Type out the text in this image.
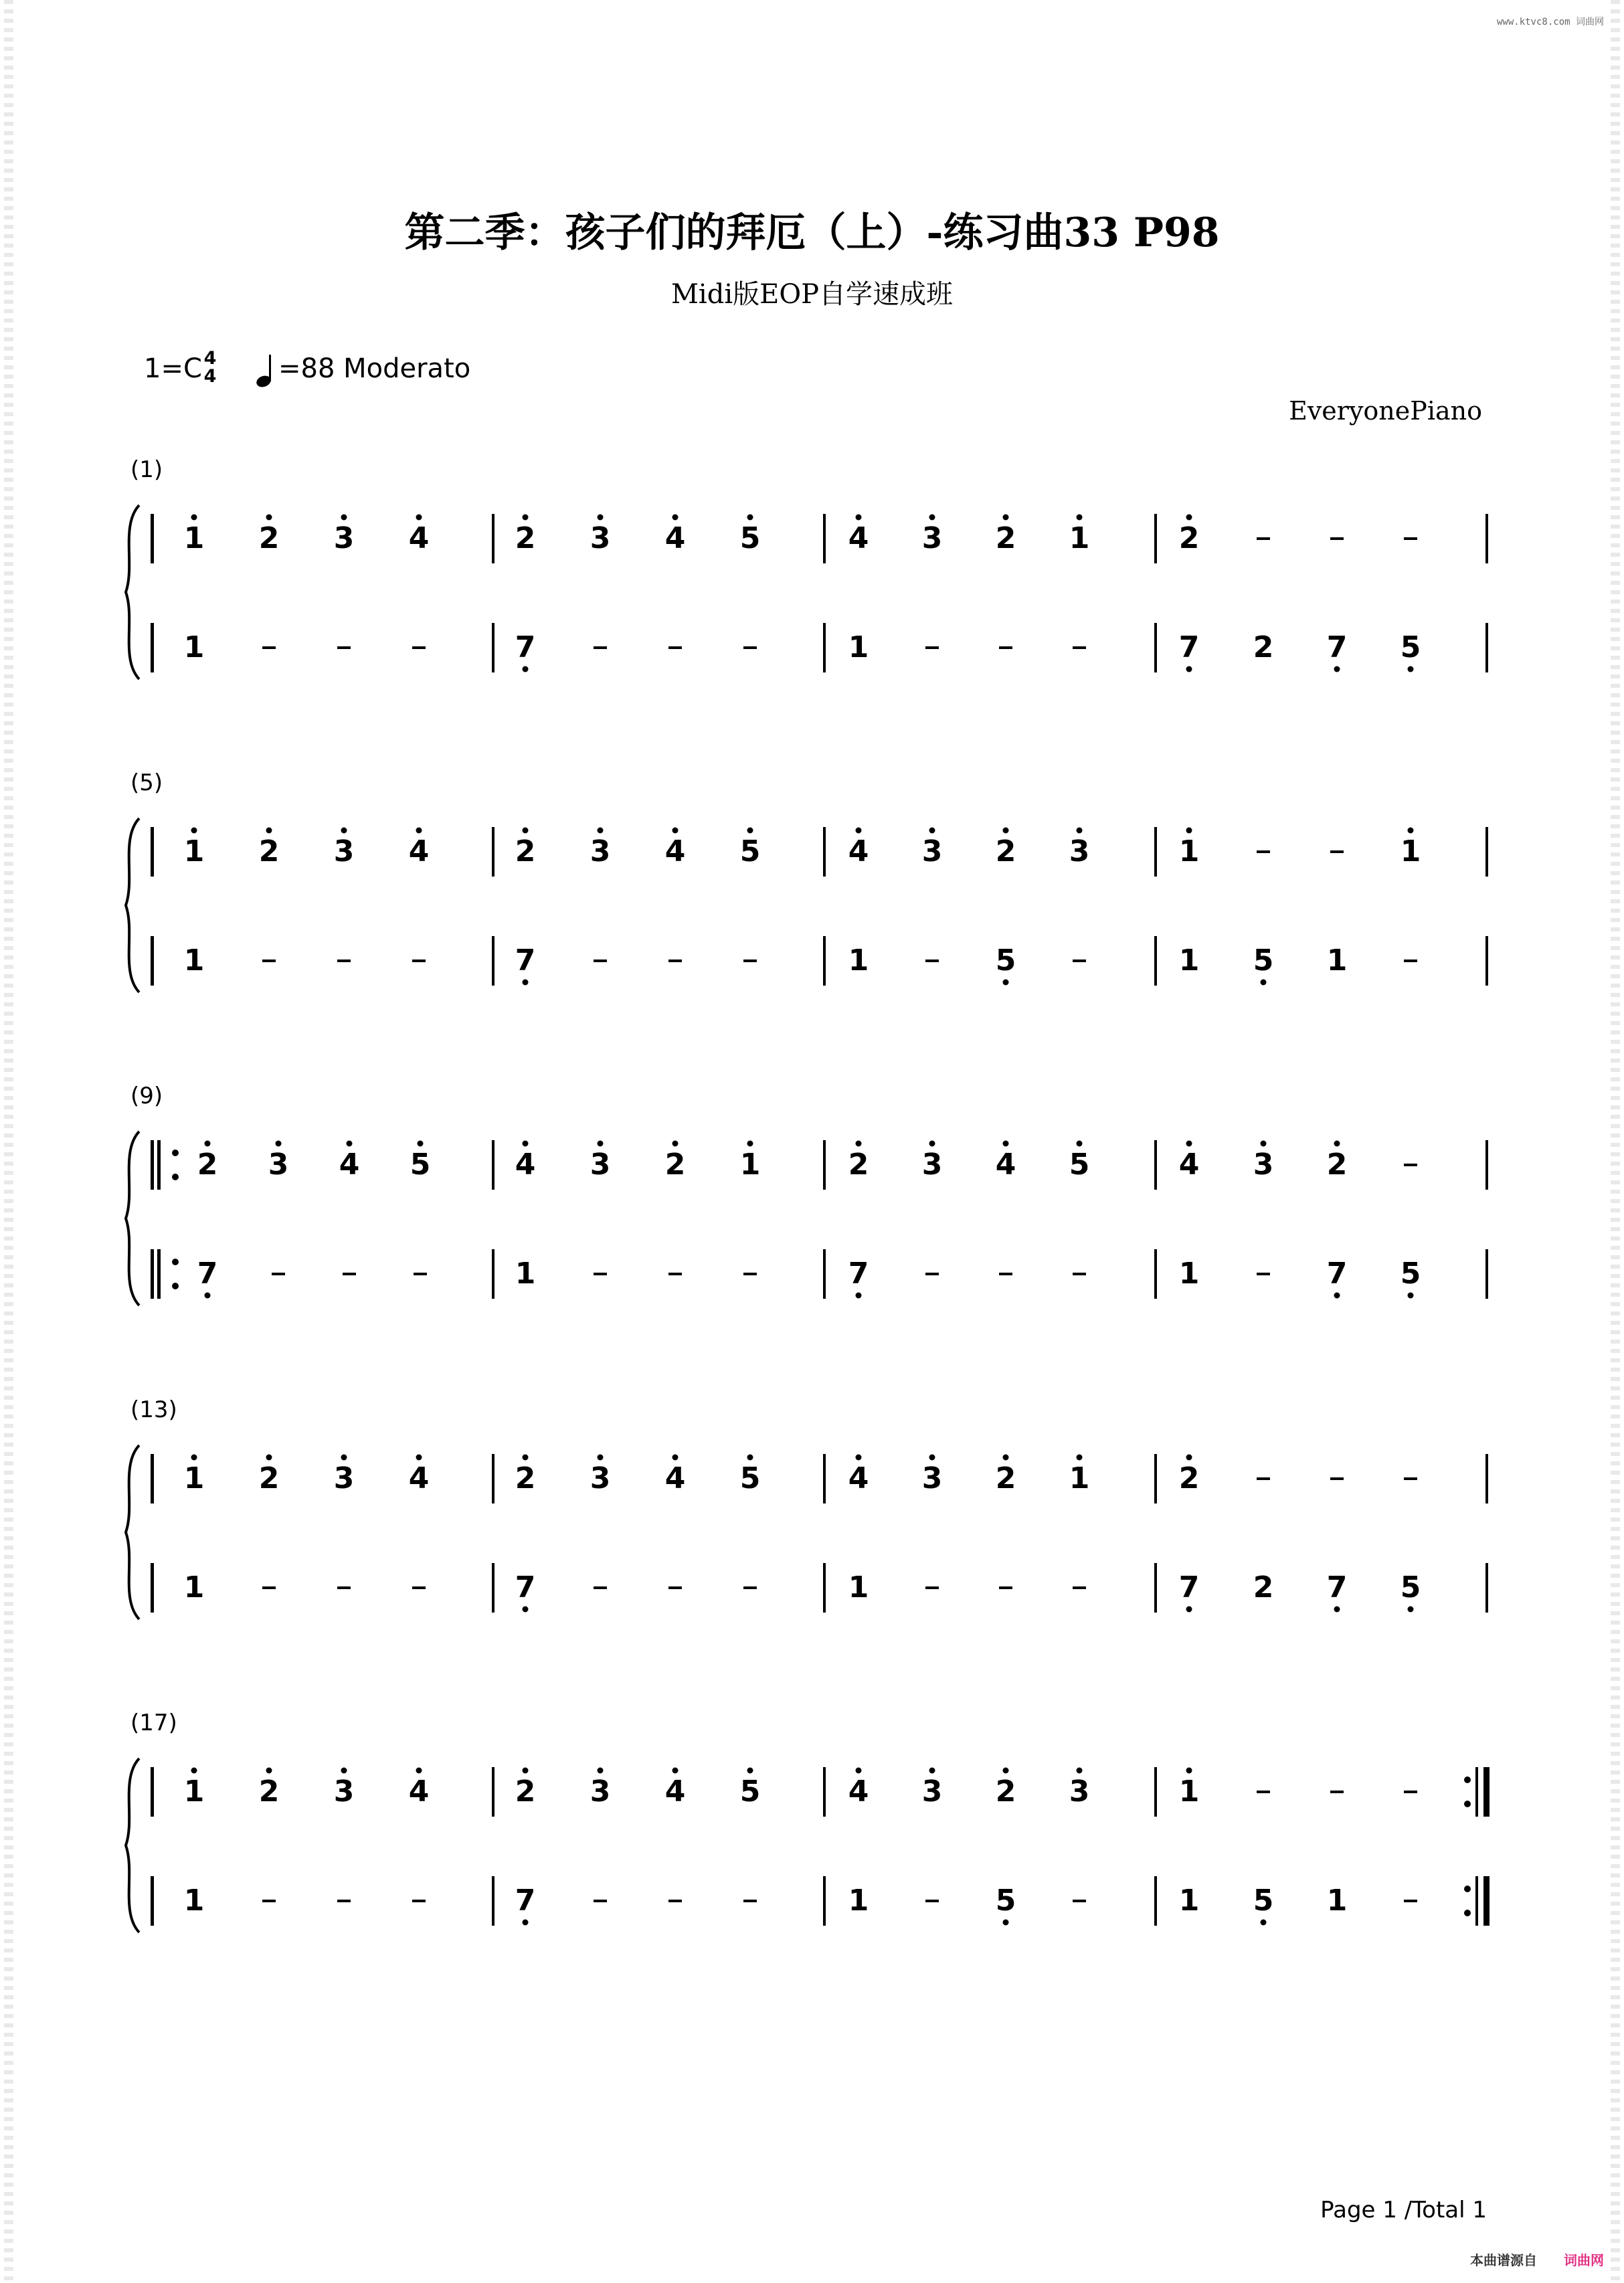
www.ktvc8.com 词曲网
第二季：孩子们的拜厄（上）-练习曲33 P98
Midi版EOP自学速成班
1=C 4
4 =88 Moderato
EveryonePiano
1 2 3 4	2 3 4 5	4 3 2 1	2
1	7	1	7 2 7 5
1 2 3 4	2 3 4 5	4 3 2 3	1	1
1	7	1	5	1 5 1
2 3 4 5	4 3 2 1	2 3 4 5	4 3 2
7	1	7	1	7 5
1 2 3 4	2 3 4 5	4 3 2 1	2
1	7	1	7 2 7 5
1 2 3 4	2 3 4 5	4 3 2 3	1
1	7	1	5	1 5 1
Page 1 /Total 1
本曲谱源自 词曲网
(1)
(5)
(9)
(13)
(17)
